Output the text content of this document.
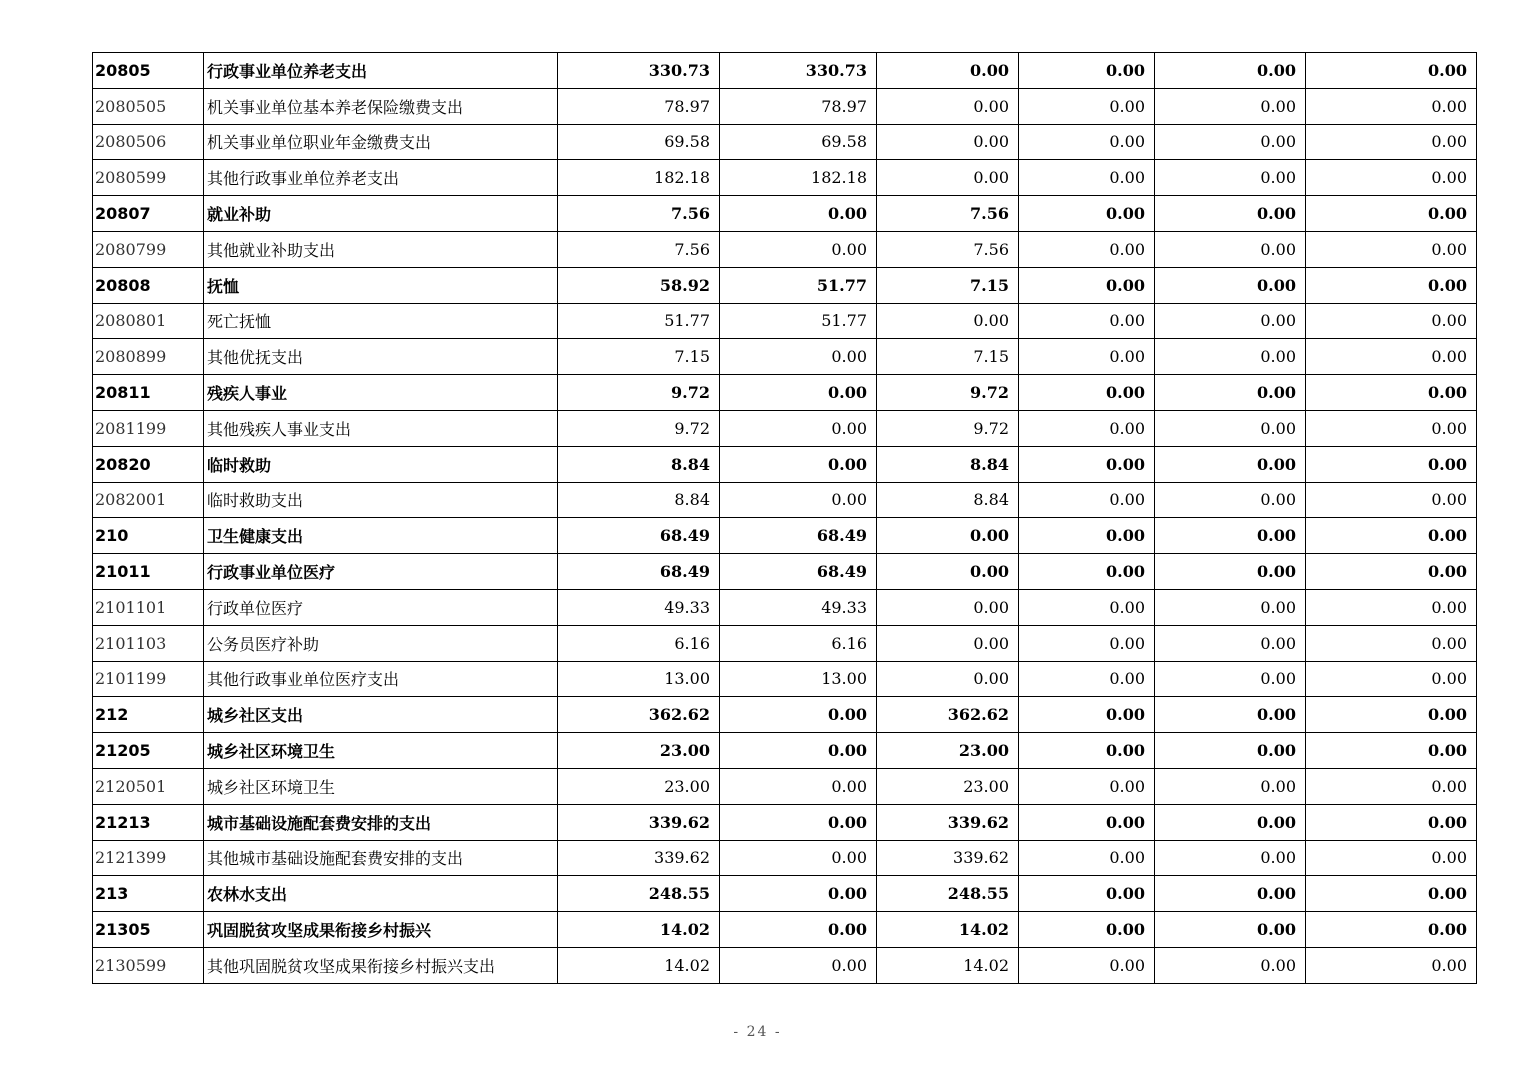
20805	行政事业单位养老支出	330.73	330.73	0.00	0.00	0.00	0.00
2080505	机关事业单位基本养老保险缴费支出	78.97	78.97	0.00	0.00	0.00	0.00
2080506	机关事业单位职业年金缴费支出	69.58	69.58	0.00	0.00	0.00	0.00
2080599	其他行政事业单位养老支出	182.18	182.18	0.00	0.00	0.00	0.00
20807	就业补助	7.56	0.00	7.56	0.00	0.00	0.00
2080799	其他就业补助支出	7.56	0.00	7.56	0.00	0.00	0.00
20808	抚恤	58.92	51.77	7.15	0.00	0.00	0.00
2080801	死亡抚恤	51.77	51.77	0.00	0.00	0.00	0.00
2080899	其他优抚支出	7.15	0.00	7.15	0.00	0.00	0.00
20811	残疾人事业	9.72	0.00	9.72	0.00	0.00	0.00
2081199	其他残疾人事业支出	9.72	0.00	9.72	0.00	0.00	0.00
20820	临时救助	8.84	0.00	8.84	0.00	0.00	0.00
2082001	临时救助支出	8.84	0.00	8.84	0.00	0.00	0.00
210	卫生健康支出	68.49	68.49	0.00	0.00	0.00	0.00
21011	行政事业单位医疗	68.49	68.49	0.00	0.00	0.00	0.00
2101101	行政单位医疗	49.33	49.33	0.00	0.00	0.00	0.00
2101103	公务员医疗补助	6.16	6.16	0.00	0.00	0.00	0.00
2101199	其他行政事业单位医疗支出	13.00	13.00	0.00	0.00	0.00	0.00
212	城乡社区支出	362.62	0.00	362.62	0.00	0.00	0.00
21205	城乡社区环境卫生	23.00	0.00	23.00	0.00	0.00	0.00
2120501	城乡社区环境卫生	23.00	0.00	23.00	0.00	0.00	0.00
21213	城市基础设施配套费安排的支出	339.62	0.00	339.62	0.00	0.00	0.00
2121399	其他城市基础设施配套费安排的支出	339.62	0.00	339.62	0.00	0.00	0.00
213	农林水支出	248.55	0.00	248.55	0.00	0.00	0.00
21305	巩固脱贫攻坚成果衔接乡村振兴	14.02	0.00	14.02	0.00	0.00	0.00
2130599	其他巩固脱贫攻坚成果衔接乡村振兴支出	14.02	0.00	14.02	0.00	0.00	0.00
- 24 -
